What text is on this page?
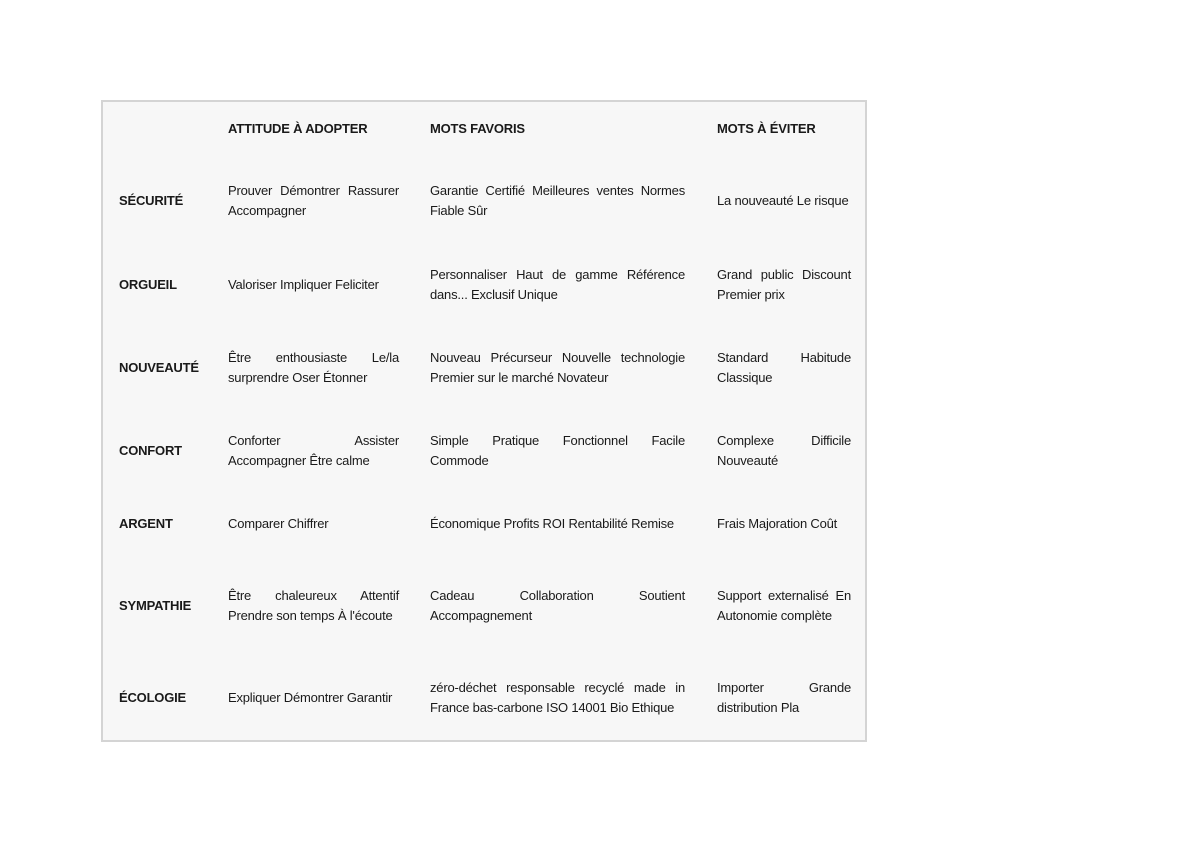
	ATTITUDE À ADOPTER	MOTS FAVORIS	MOTS À ÉVITER
SÉCURITÉ	Prouver Démontrer Rassurer Accompagner	Garantie Certifié Meilleures ventes Normes Fiable Sûr	La nouveauté Le risque
ORGUEIL	Valoriser Impliquer Feliciter	Personnaliser Haut de gamme Référence dans... Exclusif Unique	Grand public Discount Premier prix
NOUVEAUTÉ	Être enthousiaste Le/la surprendre Oser Étonner	Nouveau Précurseur Nouvelle technologie Premier sur le marché Novateur	Standard Habitude Classique
CONFORT	Conforter Assister Accompagner Être calme	Simple Pratique Fonctionnel Facile Commode	Complexe Difficile Nouveauté
ARGENT	Comparer Chiffrer	Économique Profits ROI Rentabilité Remise	Frais Majoration Coût
SYMPATHIE	Être chaleureux Attentif Prendre son temps À l'écoute	Cadeau Collaboration Soutient Accompagnement	Support externalisé En Autonomie complète
ÉCOLOGIE	Expliquer Démontrer Garantir	zéro-déchet responsable recyclé made in France bas-carbone ISO 14001 Bio Ethique	Importer Grande distribution Pla
